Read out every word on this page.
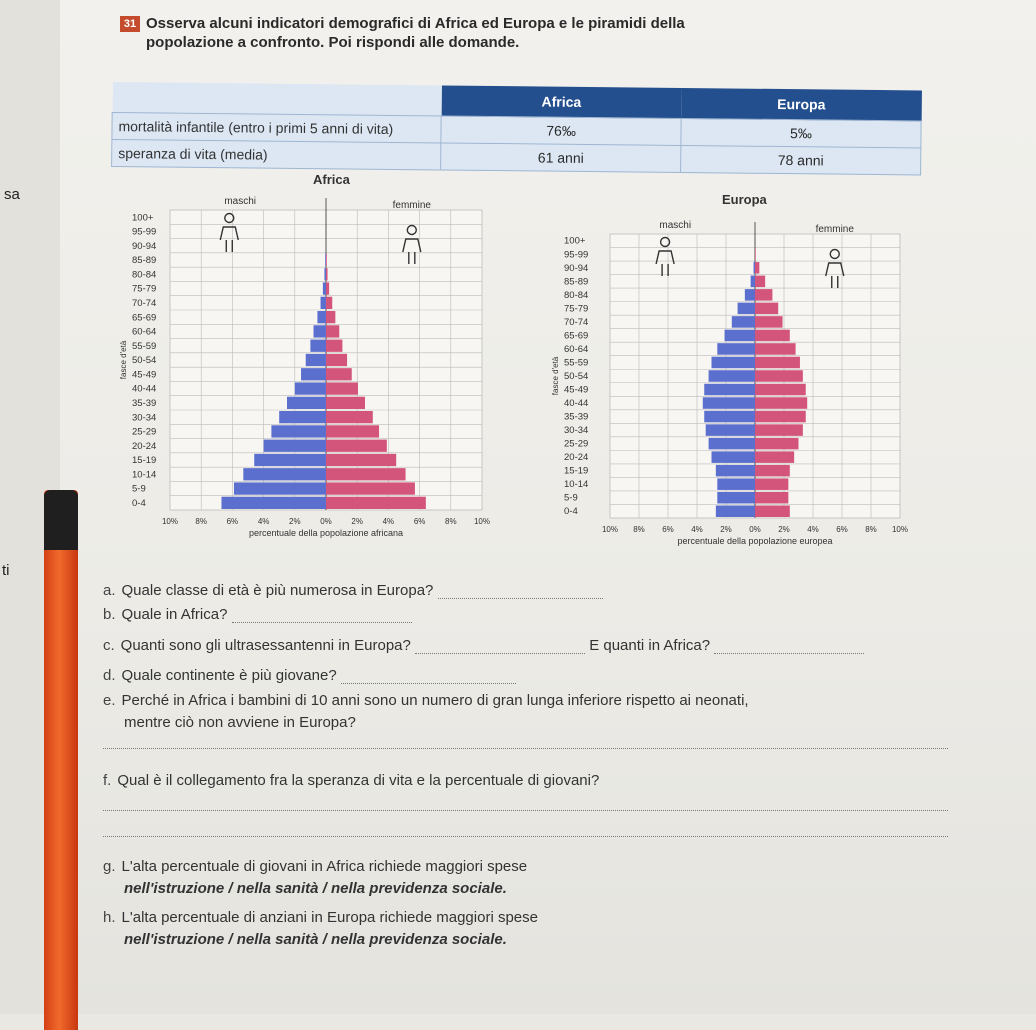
sa
ti
31 Osserva alcuni indicatori demografici di Africa ed Europa e le piramidi della popolazione a confronto. Poi rispondi alle domande.
	Africa	Europa
mortalità infantile (entro i primi 5 anni di vita)	76‰	5‰
speranza di vita (media)	61 anni	78 anni
Africa
Europa
100+
95-99
90-94
85-89
80-84
75-79
70-74
65-69
60-64
55-59
50-54
45-49
40-44
35-39
30-34
25-29
20-24
15-19
10-14
5-9
0-4
10% 8% 6% 4% 2% 0% 2% 4% 6% 8% 10%
percentuale della popolazione africana
fasce d'età
maschi	femmine
100+
95-99
90-94
85-89
80-84
75-79
70-74
65-69
60-64
55-59
50-54
45-49
40-44
35-39
30-34
25-29
20-24
15-19
10-14
5-9
0-4
10% 8% 6% 4% 2% 0% 2% 4% 6% 8% 10%
percentuale della popolazione europea
fasce d'età
maschi	femmine
a. Quale classe di età è più numerosa in Europa?
b. Quale in Africa?
c. Quanti sono gli ultrasessantenni in Europa?	E quanti in Africa?
d. Quale continente è più giovane?
e. Perché in Africa i bambini di 10 anni sono un numero di gran lunga inferiore rispetto ai neonati,
mentre ciò non avviene in Europa?
f. Qual è il collegamento fra la speranza di vita e la percentuale di giovani?
g. L'alta percentuale di giovani in Africa richiede maggiori spese
nell'istruzione / nella sanità / nella previdenza sociale.
h. L'alta percentuale di anziani in Europa richiede maggiori spese
nell'istruzione / nella sanità / nella previdenza sociale.
